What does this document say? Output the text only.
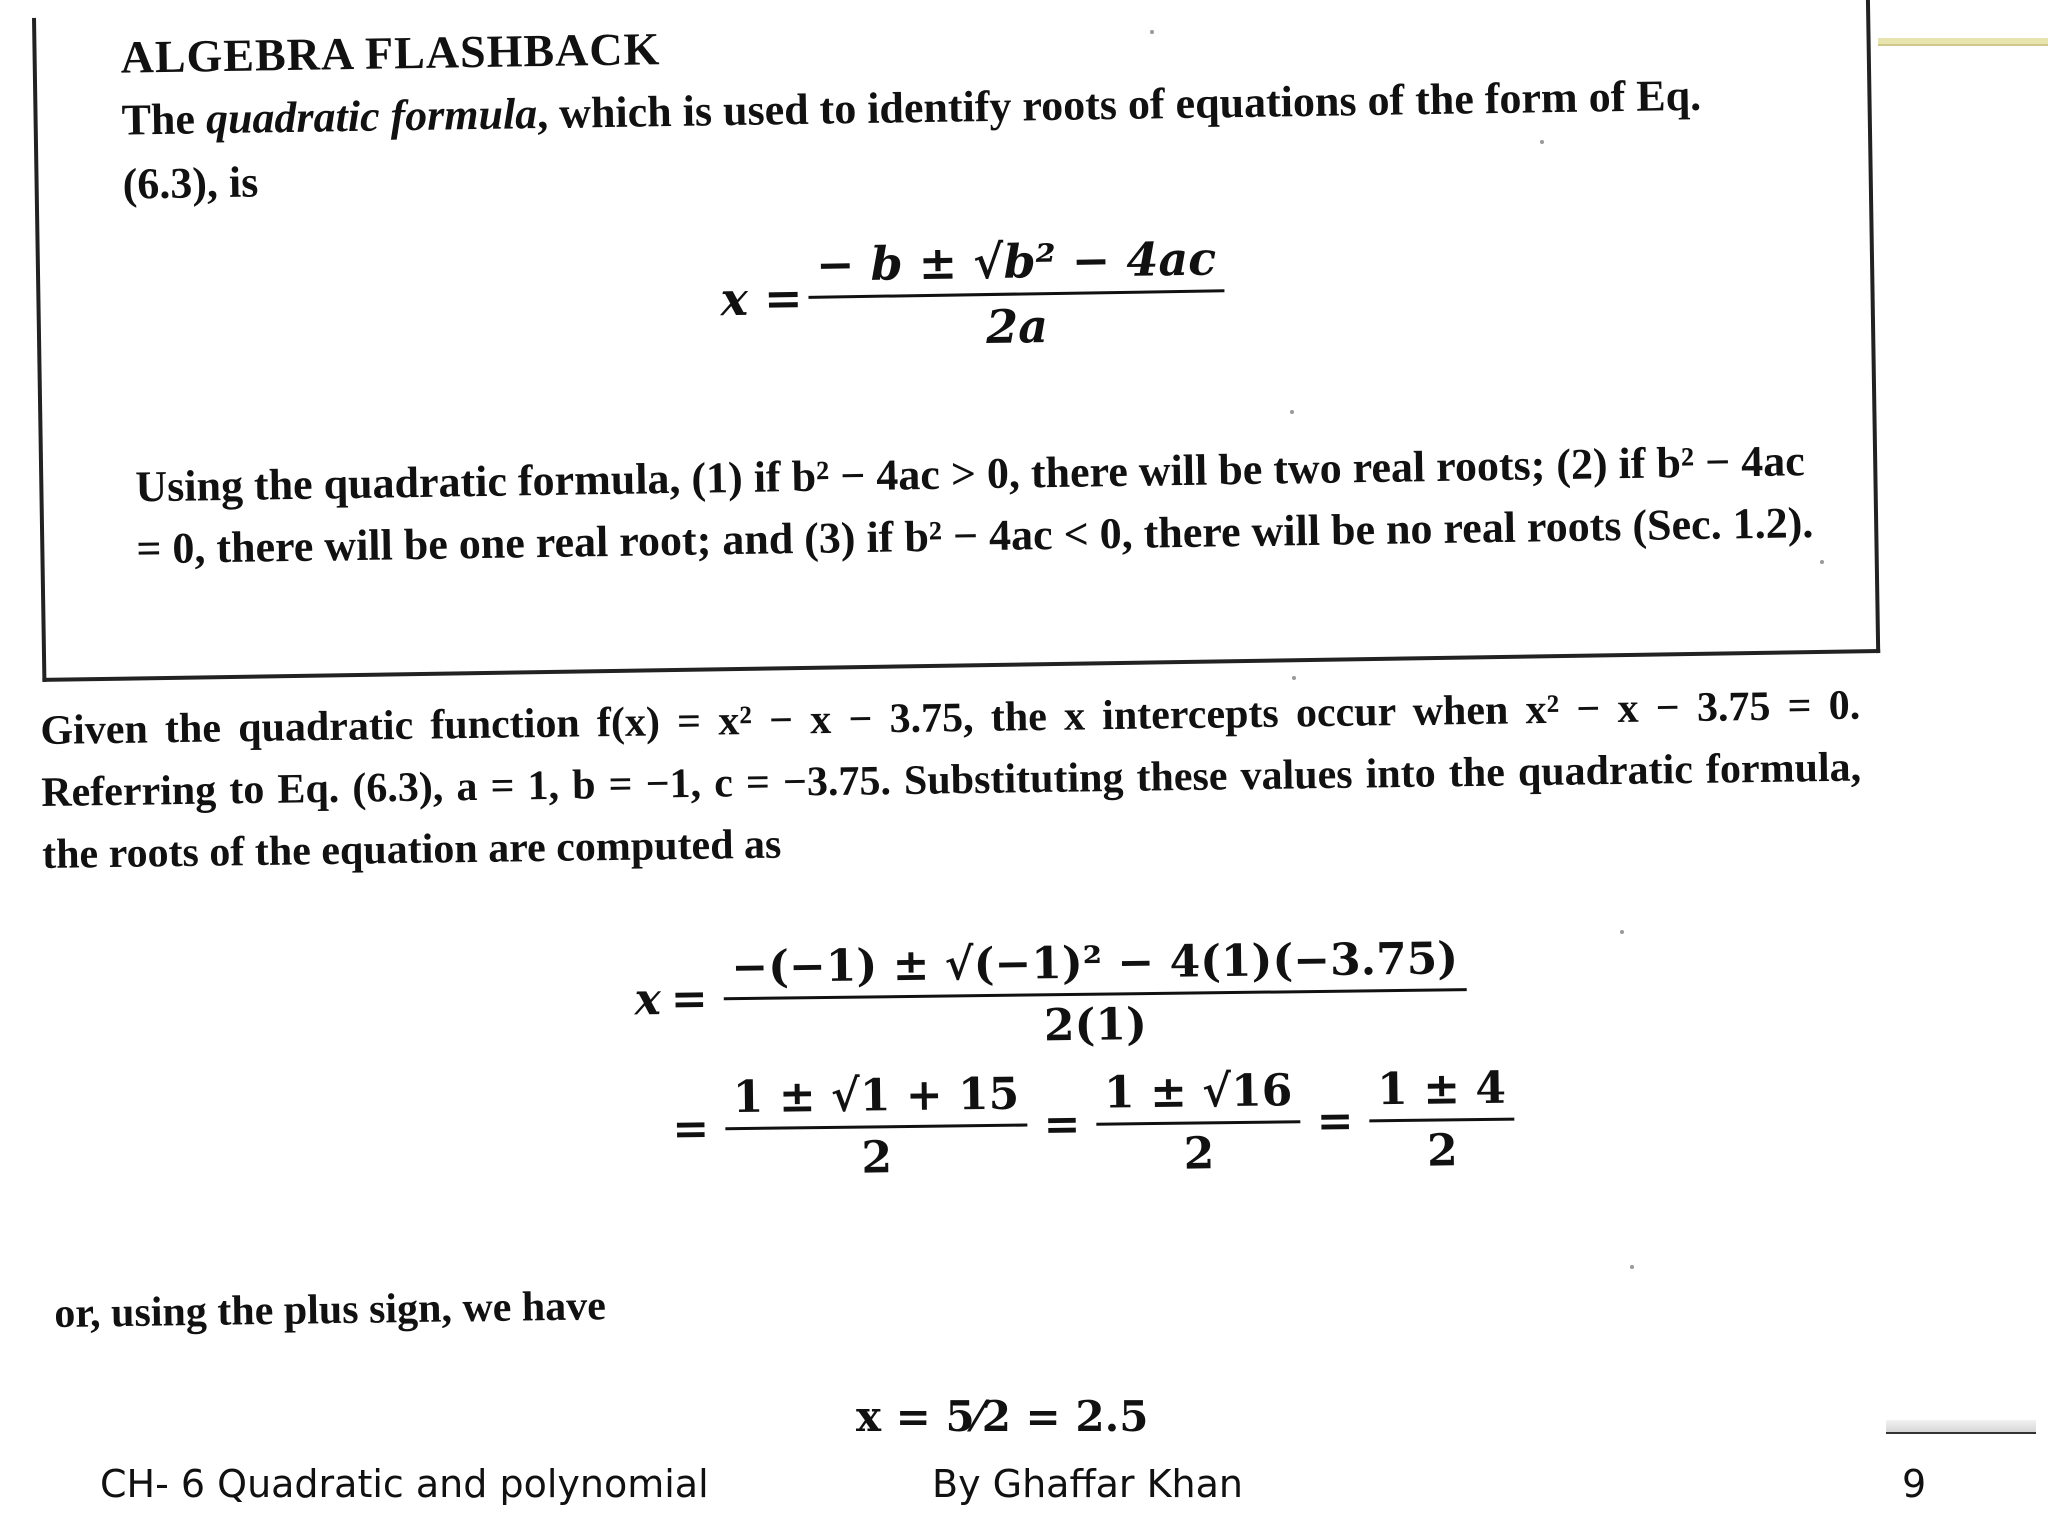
ALGEBRA FLASHBACK
The quadratic formula, which is used to identify roots of equations of the form of Eq. (6.3), is
$x = \frac{\text{− b ± √b² − 4ac}}{2a}$
Using the quadratic formula, (1) if b² − 4ac > 0, there will be two real roots; (2) if b² − 4ac = 0, there will be one real root; and (3) if b² − 4ac < 0, there will be no real roots (Sec. 1.2).
Given the quadratic function f(x) = x² − x − 3.75, the x intercepts occur when x² − x − 3.75 = 0. Referring to Eq. (6.3), a = 1, b = −1, c = −3.75. Substituting these values into the quadratic formula, the roots of the equation are computed as
$x = \frac{\text{−(−1) ± √(−1)² − 4(1)(−3.75)}}{2(1)}$
= $\frac{1 \pm √1 + 15}{2} = \frac{1 \pm √16}{2} = \frac{1 \pm 4}{2}$
or, using the plus sign, we have
x = 5⁄2 = 2.5
CH- 6 Quadratic and polynomial	By Ghaffar Khan	9
